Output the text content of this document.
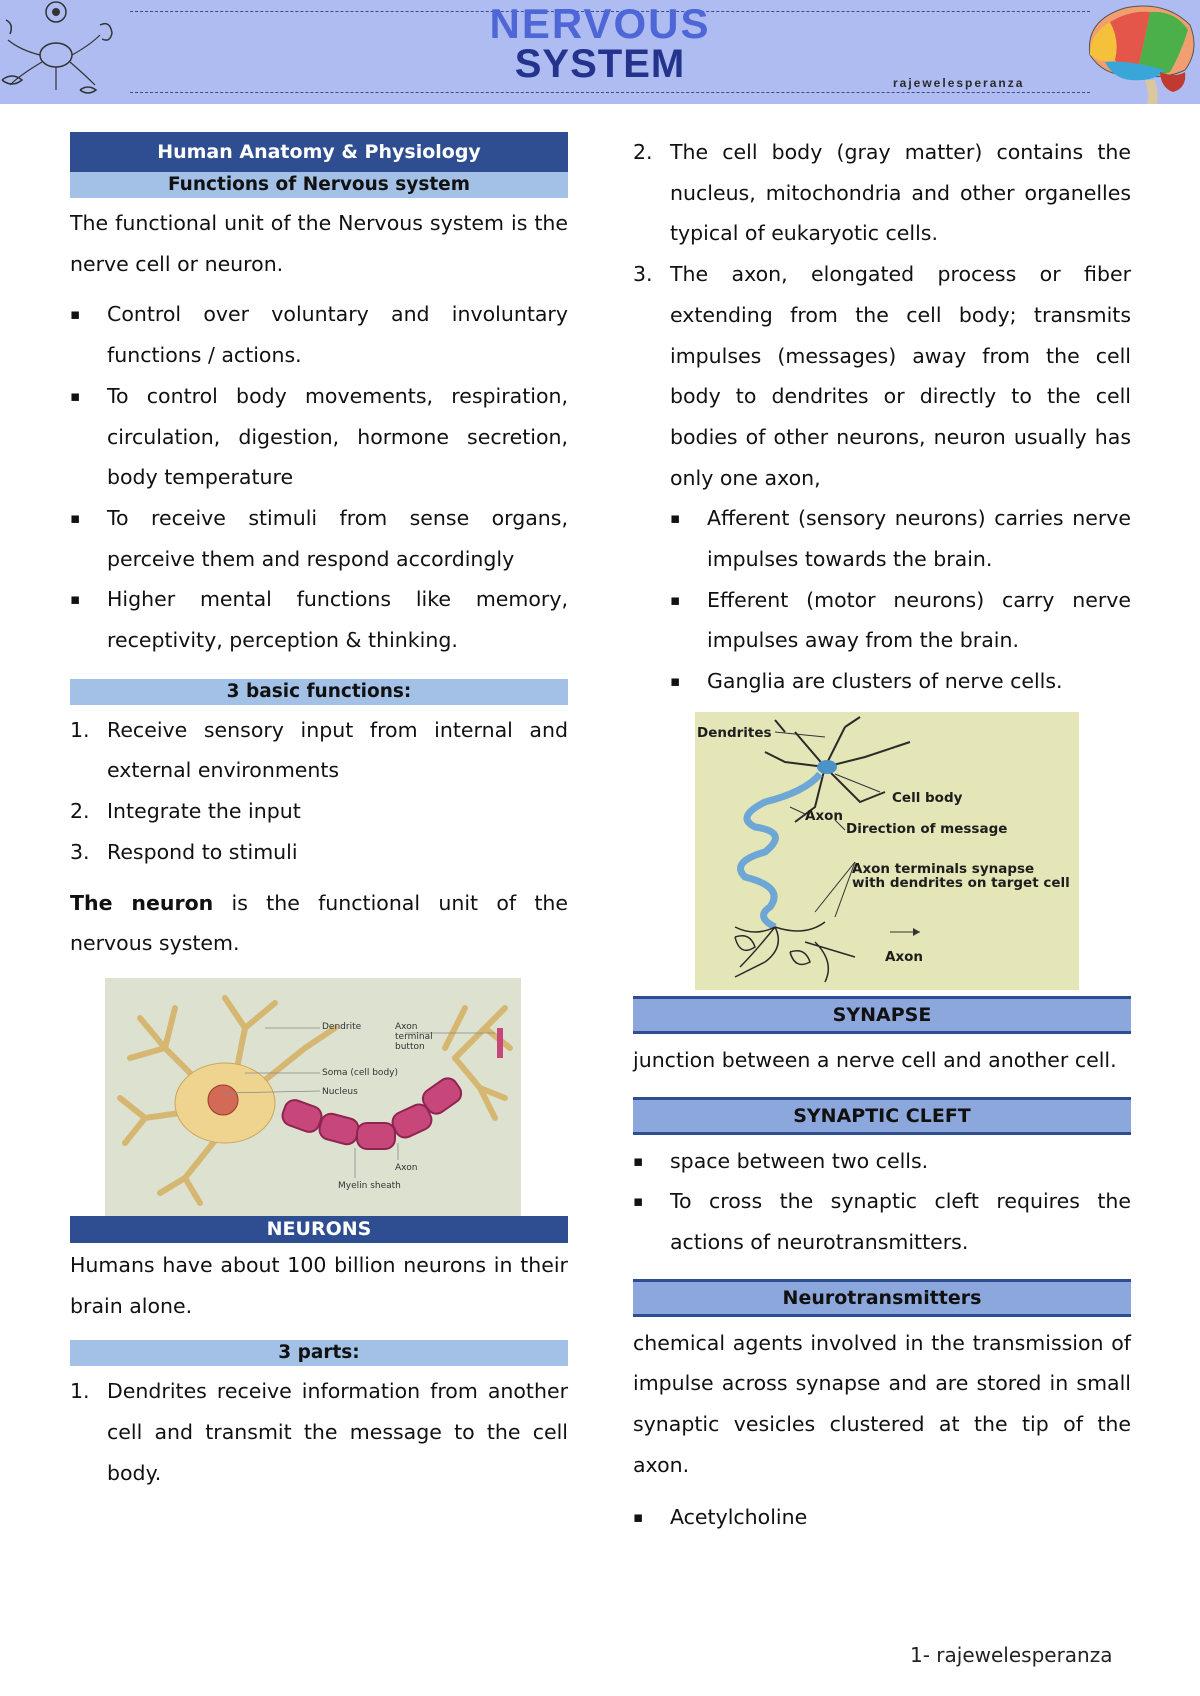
NERVOUS
SYSTEM	rajewelesperanza
Human Anatomy & Physiology
Functions of Nervous system

The functional unit of the Nervous system is the nerve cell or neuron.

▪ Control over voluntary and involuntary functions / actions.
▪ To control body movements, respiration, circulation, digestion, hormone secretion, body temperature
▪ To receive stimuli from sense organs, perceive them and respond accordingly
▪ Higher mental functions like memory, receptivity, perception & thinking.
3 basic functions:
1. Receive sensory input from internal and external environments
2. Integrate the input
3. Respond to stimuli

The neuron is the functional unit of the nervous system.

Dendrite	Axon terminal button
Soma (cell body)
Nucleus
Axon
Myelin sheath
NEURONS

Humans have about 100 billion neurons in their brain alone.

3 parts:
1. Dendrites receive information from another cell and transmit the message to the cell body.
2. The cell body (gray matter) contains the nucleus, mitochondria and other organelles typical of eukaryotic cells.
3. The axon, elongated process or fiber extending from the cell body; transmits impulses (messages) away from the cell body to dendrites or directly to the cell bodies of other neurons, neuron usually has only one axon,
▪ Afferent (sensory neurons) carries nerve impulses towards the brain.
▪ Efferent (motor neurons) carry nerve impulses away from the brain.
▪ Ganglia are clusters of nerve cells.
Dendrites
Cell body
Axon
Direction of message
Axon terminals synapse
with dendrites on target cell
Axon
SYNAPSE

junction between a nerve cell and another cell.

SYNAPTIC CLEFT
▪ space between two cells.
▪ To cross the synaptic cleft requires the actions of neurotransmitters.
Neurotransmitters

chemical agents involved in the transmission of impulse across synapse and are stored in small synaptic vesicles clustered at the tip of the axon.

▪ Acetylcholine
1- rajewelesperanza
